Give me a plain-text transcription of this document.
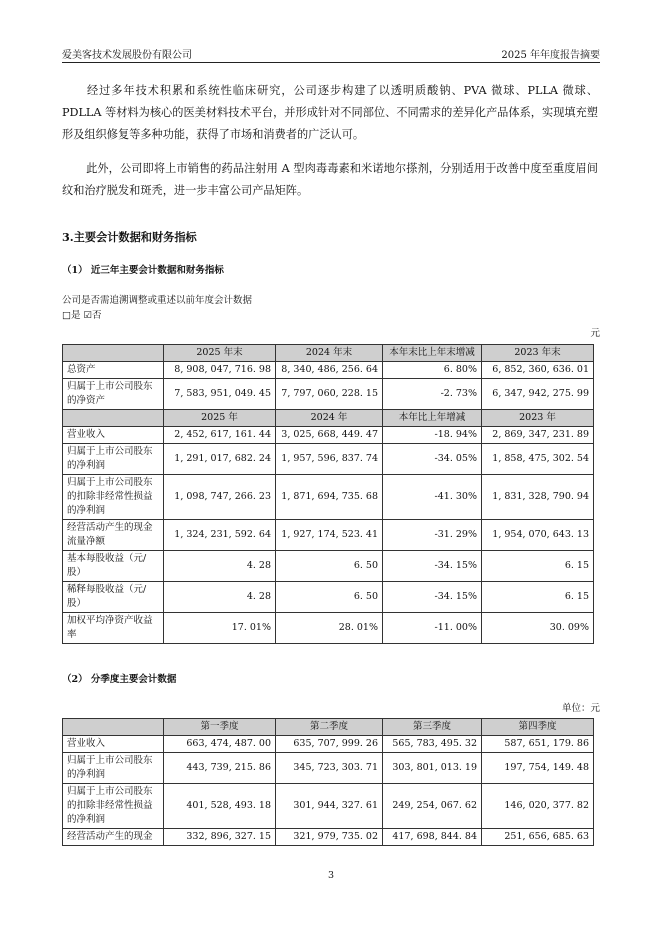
爱美客技术发展股份有限公司	2025 年年度报告摘要

经过多年技术积累和系统性临床研究，公司逐步构建了以透明质酸钠、PVA 微球、PLLA 微球、PDLLA 等材料为核心的医美材料技术平台，并形成针对不同部位、不同需求的差异化产品体系，实现填充塑形及组织修复等多种功能，获得了市场和消费者的广泛认可。

此外，公司即将上市销售的药品注射用 A 型肉毒毒素和米诺地尔搽剂，分别适用于改善中度至重度眉间纹和治疗脱发和斑秃，进一步丰富公司产品矩阵。

3.主要会计数据和财务指标
（1） 近三年主要会计数据和财务指标
公司是否需追溯调整或重述以前年度会计数据
□是 ☑否
元
	2025 年末	2024 年末	本年末比上年末增减	2023 年末
总资产	8, 908, 047, 716. 98	8, 340, 486, 256. 64	6. 80%	6, 852, 360, 636. 01
归属于上市公司股东的净资产	7, 583, 951, 049. 45	7, 797, 060, 228. 15	-2. 73%	6, 347, 942, 275. 99
	2025 年	2024 年	本年比上年增减	2023 年
营业收入	2, 452, 617, 161. 44	3, 025, 668, 449. 47	-18. 94%	2, 869, 347, 231. 89
归属于上市公司股东的净利润	1, 291, 017, 682. 24	1, 957, 596, 837. 74	-34. 05%	1, 858, 475, 302. 54
归属于上市公司股东的扣除非经常性损益的净利润	1, 098, 747, 266. 23	1, 871, 694, 735. 68	-41. 30%	1, 831, 328, 790. 94
经营活动产生的现金流量净额	1, 324, 231, 592. 64	1, 927, 174, 523. 41	-31. 29%	1, 954, 070, 643. 13
基本每股收益（元/股）	4. 28	6. 50	-34. 15%	6. 15
稀释每股收益（元/股）	4. 28	6. 50	-34. 15%	6. 15
加权平均净资产收益率	17. 01%	28. 01%	-11. 00%	30. 09%
（2） 分季度主要会计数据
单位：元
	第一季度	第二季度	第三季度	第四季度
营业收入	663, 474, 487. 00	635, 707, 999. 26	565, 783, 495. 32	587, 651, 179. 86
归属于上市公司股东的净利润	443, 739, 215. 86	345, 723, 303. 71	303, 801, 013. 19	197, 754, 149. 48
归属于上市公司股东的扣除非经常性损益的净利润	401, 528, 493. 18	301, 944, 327. 61	249, 254, 067. 62	146, 020, 377. 82
经营活动产生的现金	332, 896, 327. 15	321, 979, 735. 02	417, 698, 844. 84	251, 656, 685. 63
3
